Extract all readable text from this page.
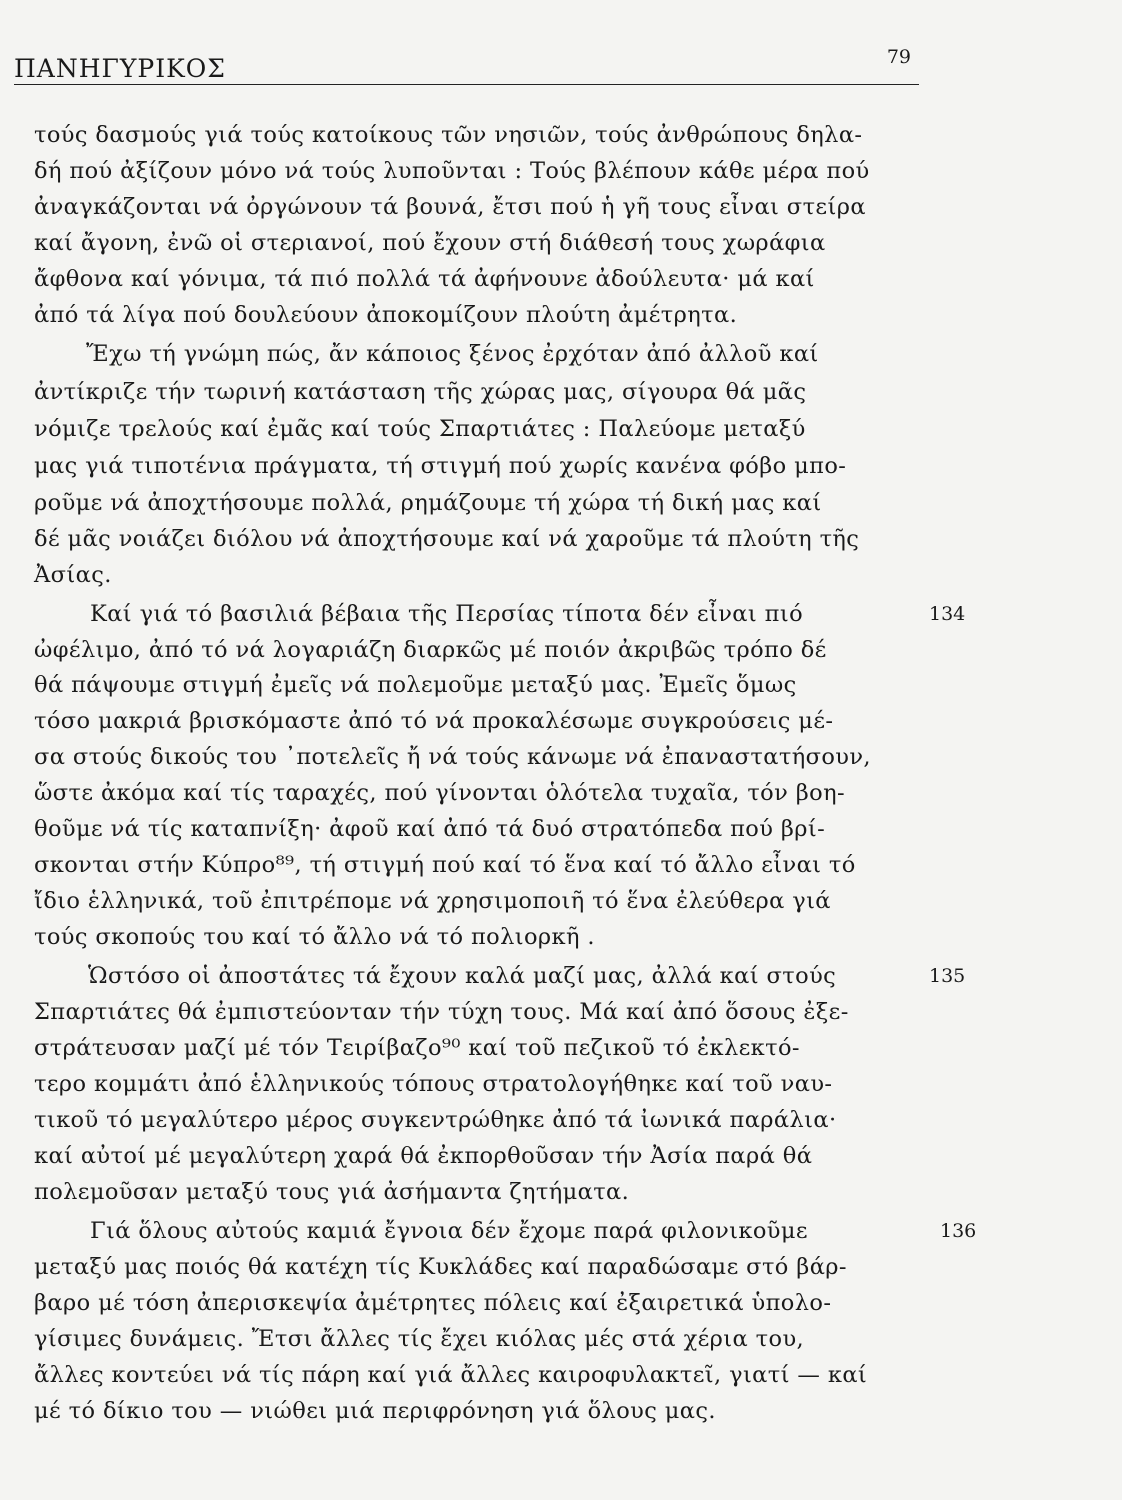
ΠΑΝΗΓΥΡΙΚΟΣ	79
τούς δασμούς γιά τούς κατοίκους τῶν νησιῶν, τούς ἀνθρώπους δηλα-
δή πού ἀξίζουν μόνο νά τούς λυποῦνται : Τούς βλέπουν κάθε μέρα πού
ἀναγκάζονται νά ὀργώνουν τά βουνά, ἔτσι πού ἡ γῆ τους εἶναι στείρα
καί ἄγονη, ἐνῶ οἱ στεριανοί, πού ἔχουν στή διάθεσή τους χωράφια
ἄφθονα καί γόνιμα, τά πιό πολλά τά ἀφήνουνε ἀδούλευτα· μά καί
ἀπό τά λίγα πού δουλεύουν ἀποκομίζουν πλούτη ἀμέτρητα.
Ἔχω τή γνώμη πώς, ἄν κάποιος ξένος ἐρχόταν ἀπό ἀλλοῦ καί
ἀντίκριζε τήν τωρινή κατάσταση τῆς χώρας μας, σίγουρα θά μᾶς
νόμιζε τρελούς καί ἐμᾶς καί τούς Σπαρτιάτες : Παλεύομε μεταξύ
μας γιά τιποτένια πράγματα, τή στιγμή πού χωρίς κανένα φόβο μπο-
ροῦμε νά ἀποχτήσουμε πολλά, ρημάζουμε τή χώρα τή δική μας καί
δέ μᾶς νοιάζει διόλου νά ἀποχτήσουμε καί νά χαροῦμε τά πλούτη τῆς
Ἀσίας.
Καί γιά τό βασιλιά βέβαια τῆς Περσίας τίποτα δέν εἶναι πιό	134
ὠφέλιμο, ἀπό τό νά λογαριάζη διαρκῶς μέ ποιόν ἀκριβῶς τρόπο δέ
θά πάψουμε στιγμή ἐμεῖς νά πολεμοῦμε μεταξύ μας. Ἐμεῖς ὅμως
τόσο μακριά βρισκόμαστε ἀπό τό νά προκαλέσωμε συγκρούσεις μέ-
σα στούς δικούς του ᾿ποτελεῖς ἤ νά τούς κάνωμε νά ἐπαναστατήσουν,
ὥστε ἀκόμα καί τίς ταραχές, πού γίνονται ὁλότελα τυχαῖα, τόν βοη-
θοῦμε νά τίς καταπνίξη· ἀφοῦ καί ἀπό τά δυό στρατόπεδα πού βρί-
σκονται στήν Κύπρο⁸⁹, τή στιγμή πού καί τό ἕνα καί τό ἄλλο εἶναι τό
ἴδιο ἑλληνικά, τοῦ ἐπιτρέπομε νά χρησιμοποιῆ τό ἕνα ἐλεύθερα γιά
τούς σκοπούς του καί τό ἄλλο νά τό πολιορκῆ .
Ὡστόσο οἱ ἀποστάτες τά ἔχουν καλά μαζί μας, ἀλλά καί στούς	135
Σπαρτιάτες θά ἐμπιστεύονταν τήν τύχη τους. Μά καί ἀπό ὅσους ἐξε-
στράτευσαν μαζί μέ τόν Τειρίβαζο⁹⁰ καί τοῦ πεζικοῦ τό ἐκλεκτό-
τερο κομμάτι ἀπό ἑλληνικούς τόπους στρατολογήθηκε καί τοῦ ναυ-
τικοῦ τό μεγαλύτερο μέρος συγκεντρώθηκε ἀπό τά ἰωνικά παράλια·
καί αὐτοί μέ μεγαλύτερη χαρά θά ἐκπορθοῦσαν τήν Ἀσία παρά θά
πολεμοῦσαν μεταξύ τους γιά ἀσήμαντα ζητήματα.
Γιά ὅλους αὐτούς καμιά ἔγνοια δέν ἔχομε παρά φιλονικοῦμε	136
μεταξύ μας ποιός θά κατέχη τίς Κυκλάδες καί παραδώσαμε στό βάρ-
βαρο μέ τόση ἀπερισκεψία ἀμέτρητες πόλεις καί ἐξαιρετικά ὑπολο-
γίσιμες δυνάμεις. Ἔτσι ἄλλες τίς ἔχει κιόλας μές στά χέρια του,
ἄλλες κοντεύει νά τίς πάρη καί γιά ἄλλες καιροφυλακτεῖ, γιατί — καί
μέ τό δίκιο του — νιώθει μιά περιφρόνηση γιά ὅλους μας.
